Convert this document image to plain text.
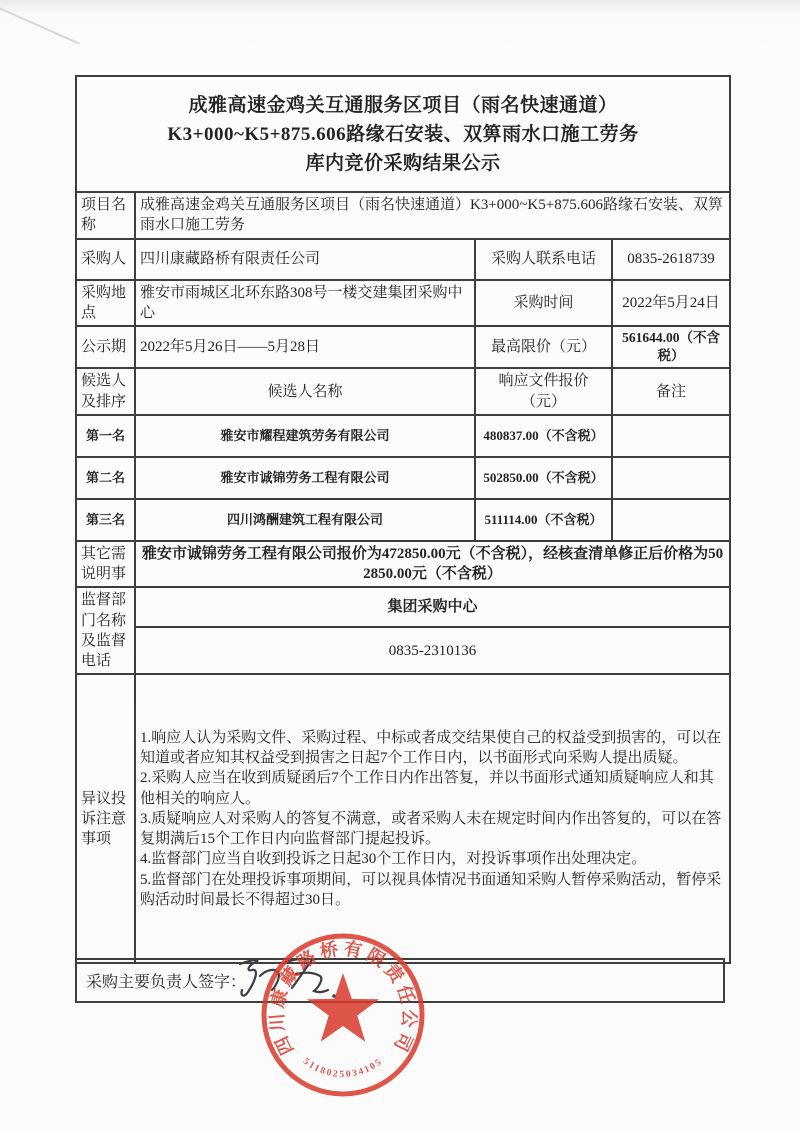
成雅高速金鸡关互通服务区项目（雨名快速通道）
K3+000~K5+875.606路缘石安装、双箅雨水口施工劳务
库内竞价采购结果公示			

项目名称	成雅高速金鸡关互通服务区项目（雨名快速通道）K3+000~K5+875.606路缘石安装、双箅雨水口施工劳务		
采购人	四川康藏路桥有限责任公司	采购人联系电话	0835-2618739
采购地点	雅安市雨城区北环东路308号一楼交建集团采购中心	采购时间	2022年5月24日
公示期	2022年5月26日——5月28日	最高限价（元）	561644.00（不含税）
候选人及排序	候选人名称	响应文件报价（元）	备注
第一名	雅安市耀程建筑劳务有限公司	480837.00（不含税）	
第二名	雅安市诚锦劳务工程有限公司	502850.00（不含税）	
第三名	四川鸿酬建筑工程有限公司	511114.00（不含税）	
其它需说明事	雅安市诚锦劳务工程有限公司报价为472850.00元（不含税），经核查清单修正后价格为502850.00元（不含税）		
监督部门名称及监督电话	集团采购中心		
	0835-2310136		
异议投诉注意事项	1.响应人认为采购文件、采购过程、中标或者成交结果使自己的权益受到损害的，可以在知道或者应知其权益受到损害之日起7个工作日内，以书面形式向采购人提出质疑。
2.采购人应当在收到质疑函后7个工作日内作出答复，并以书面形式通知质疑响应人和其他相关的响应人。
3.质疑响应人对采购人的答复不满意，或者采购人未在规定时间内作出答复的，可以在答复期满后15个工作日内向监督部门提起投诉。
4.监督部门应当自收到投诉之日起30个工作日内，对投诉事项作出处理决定。
5.监督部门在处理投诉事项期间，可以视具体情况书面通知采购人暂停采购活动，暂停采购活动时间最长不得超过30日。		
采购主要负责人签字：
四川康藏路桥有限责任公司
5118025034105
